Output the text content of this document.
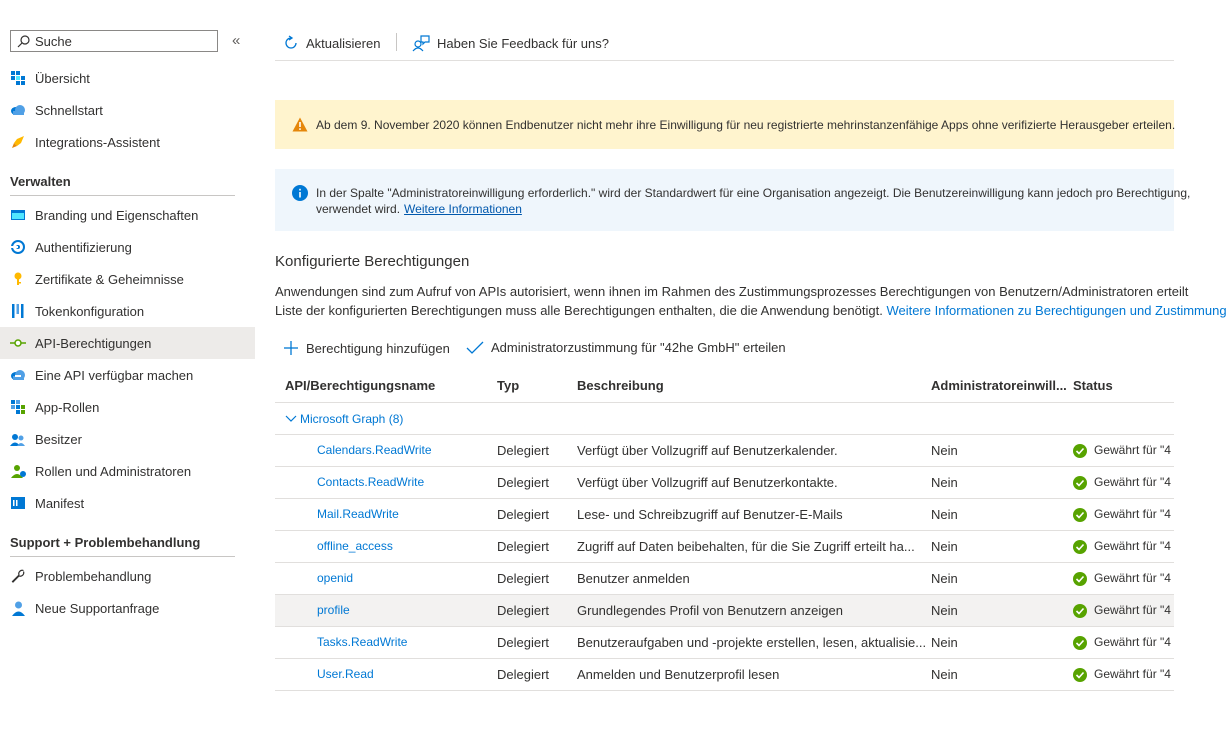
Suche
«
Übersicht
Schnellstart
Integrations-Assistent
Verwalten
Branding und Eigenschaften
Authentifizierung
Zertifikate & Geheimnisse
Tokenkonfiguration
API-Berechtigungen
Eine API verfügbar machen
App-Rollen
Besitzer
Rollen und Administratoren
Manifest
Support + Problembehandlung
Problembehandlung
Neue Supportanfrage
Aktualisieren	Haben Sie Feedback für uns?
Ab dem 9. November 2020 können Endbenutzer nicht mehr ihre Einwilligung für neu registrierte mehrinstanzenfähige Apps ohne verifizierte Herausgeber erteilen.
In der Spalte "Administratoreinwilligung erforderlich." wird der Standardwert für eine Organisation angezeigt. Die Benutzereinwilligung kann jedoch pro Berechtigung,
verwendet wird. Weitere Informationen
Konfigurierte Berechtigungen
Anwendungen sind zum Aufruf von APIs autorisiert, wenn ihnen im Rahmen des Zustimmungsprozesses Berechtigungen von Benutzern/Administratoren erteilt
Liste der konfigurierten Berechtigungen muss alle Berechtigungen enthalten, die die Anwendung benötigt. Weitere Informationen zu Berechtigungen und Zustimmung
Berechtigung hinzufügen	Administratorzustimmung für "42he GmbH" erteilen
API/Berechtigungsname	Typ	Beschreibung	Administratoreinwill... Status
Microsoft Graph (8)
Calendars.ReadWrite	Delegiert	Verfügt über Vollzugriff auf Benutzerkalender.	Nein	Gewährt für "4
Contacts.ReadWrite	Delegiert	Verfügt über Vollzugriff auf Benutzerkontakte.	Nein	Gewährt für "4
Mail.ReadWrite	Delegiert	Lese- und Schreibzugriff auf Benutzer-E-Mails	Nein	Gewährt für "4
offline_access	Delegiert	Zugriff auf Daten beibehalten, für die Sie Zugriff erteilt ha...	Nein	Gewährt für "4
openid	Delegiert	Benutzer anmelden	Nein	Gewährt für "4
profile	Delegiert	Grundlegendes Profil von Benutzern anzeigen	Nein	Gewährt für "4
Tasks.ReadWrite	Delegiert	Benutzeraufgaben und -projekte erstellen, lesen, aktualisie... Nein	Gewährt für "4
User.Read	Delegiert	Anmelden und Benutzerprofil lesen	Nein	Gewährt für "4
